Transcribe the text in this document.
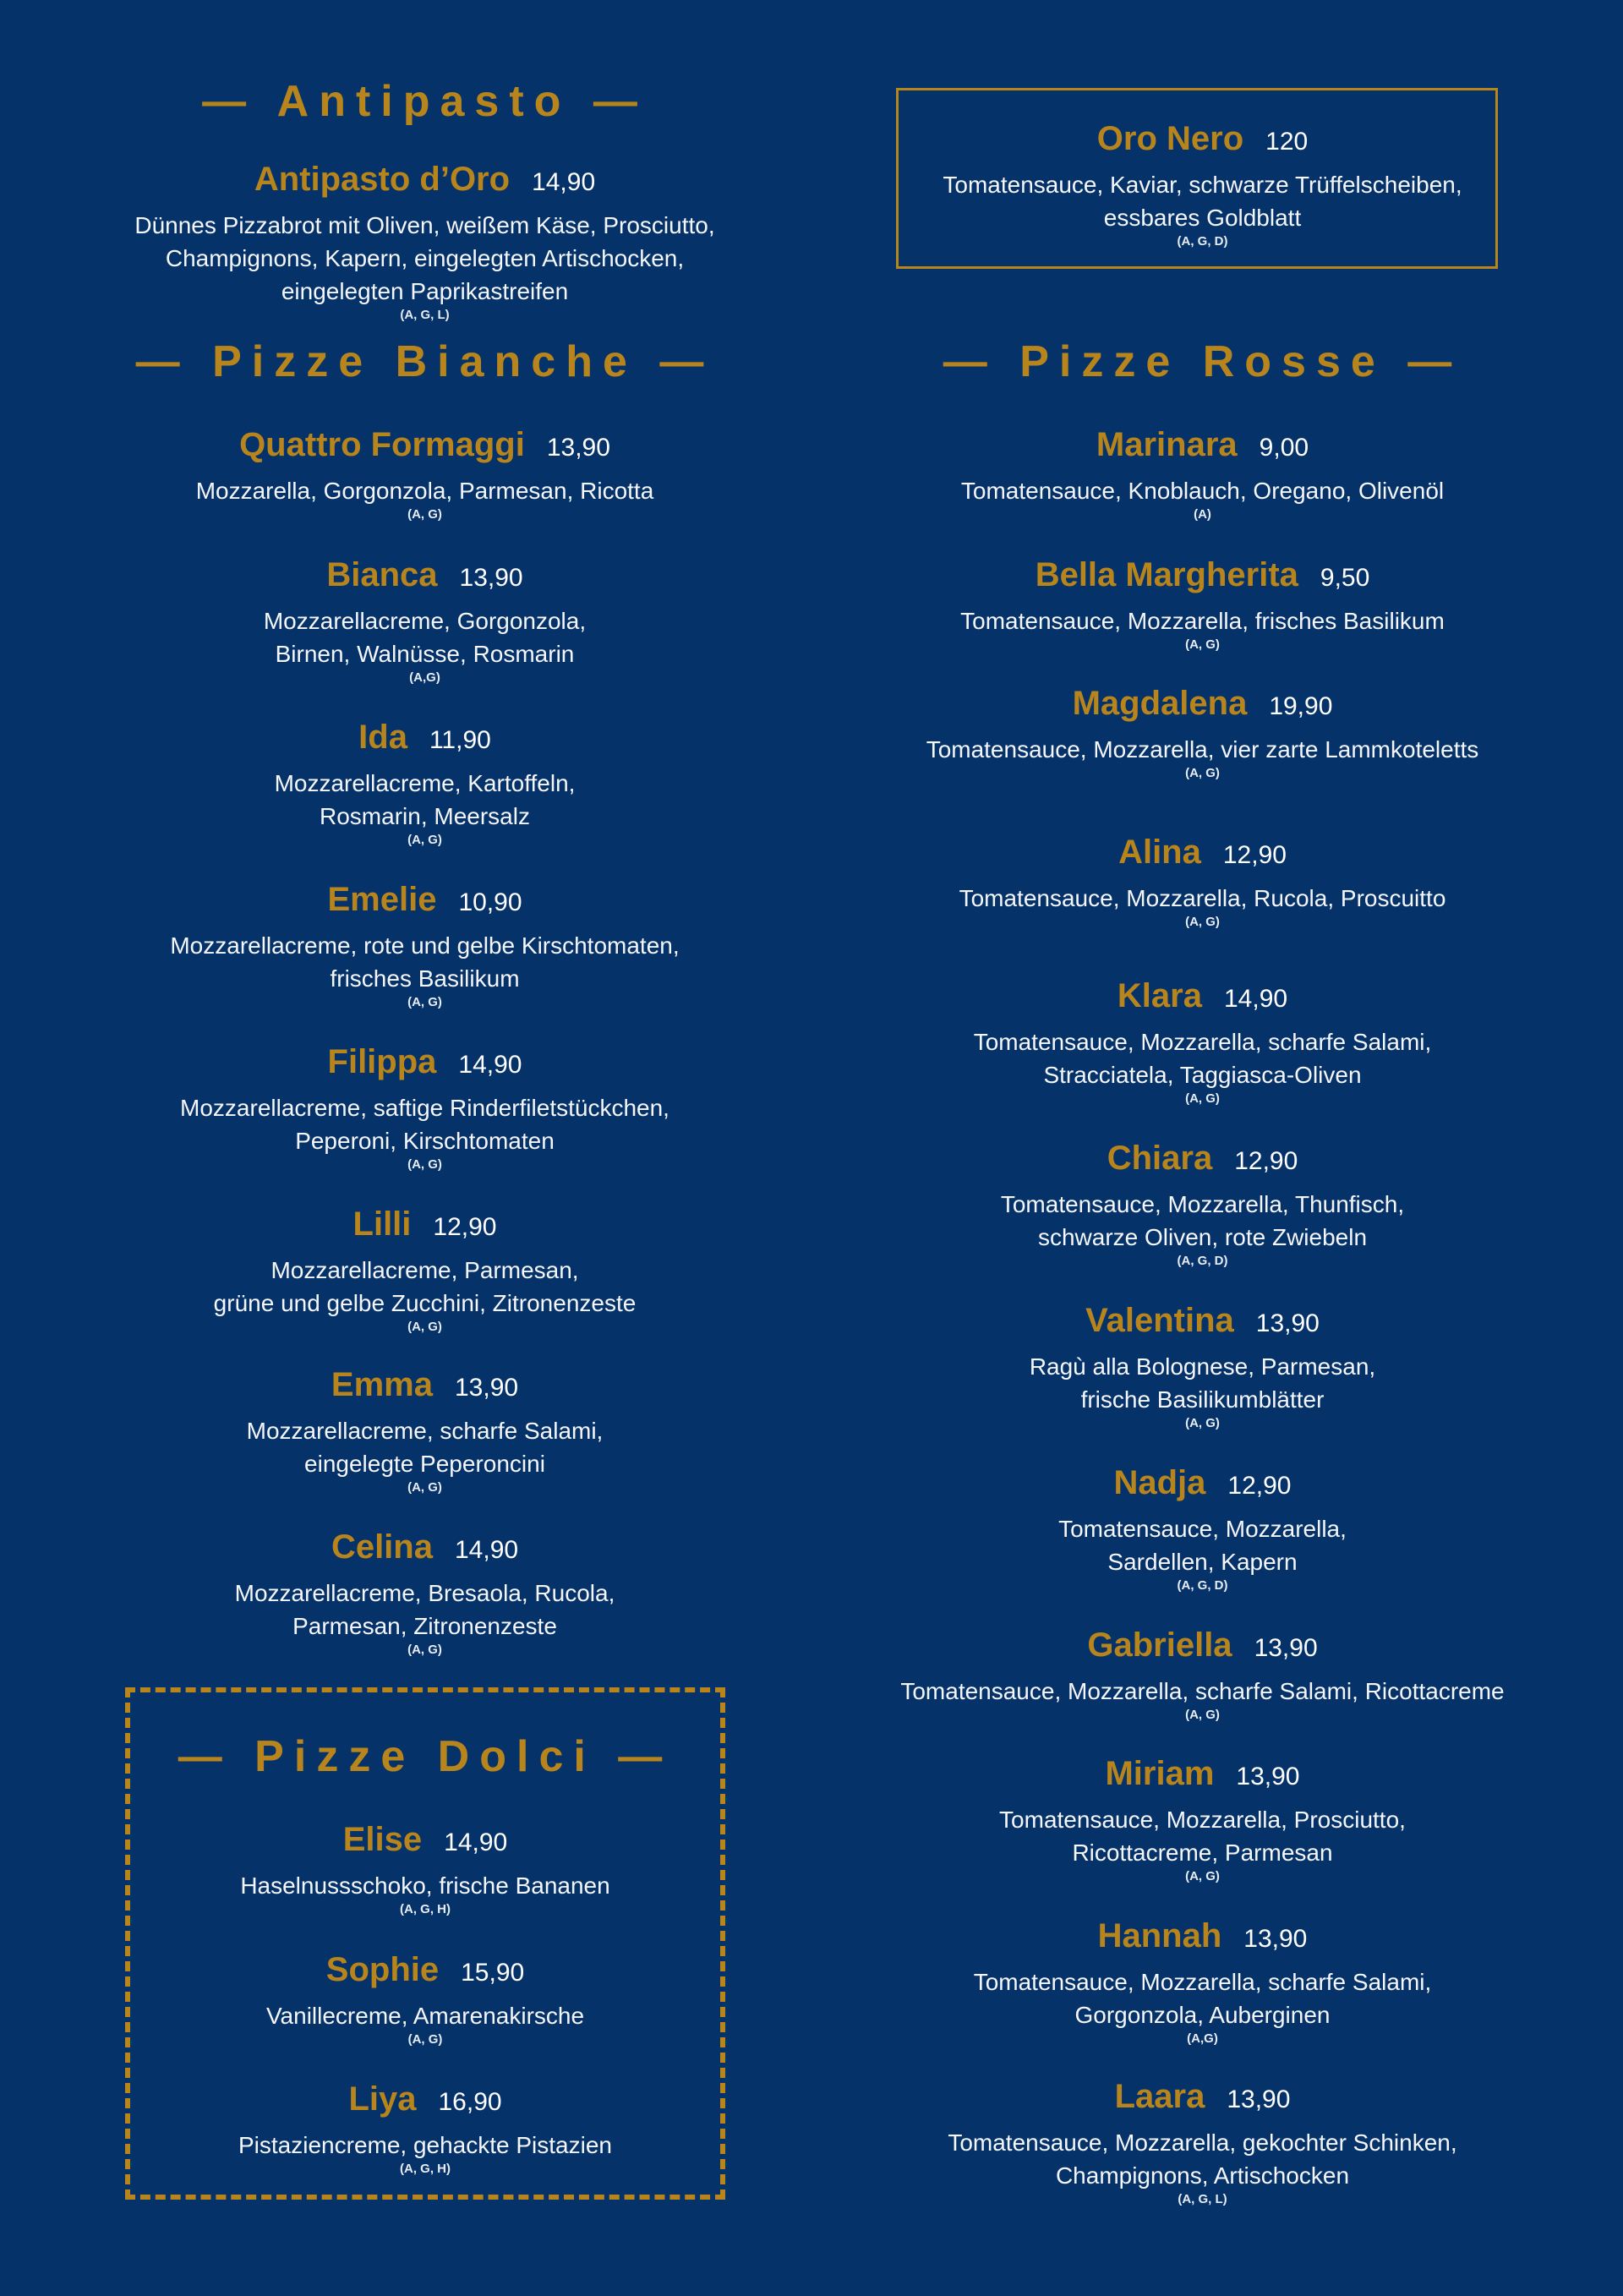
— Antipasto —
Antipasto d’Oro 14,90
Dünnes Pizzabrot mit Oliven, weißem Käse, Prosciutto,
Champignons, Kapern, eingelegten Artischocken,
eingelegten Paprikastreifen
(A, G, L)
— Pizze Bianche —
Quattro Formaggi 13,90
Mozzarella, Gorgonzola, Parmesan, Ricotta
(A, G)
Bianca 13,90
Mozzarellacreme, Gorgonzola,
Birnen, Walnüsse, Rosmarin
(A,G)
Ida 11,90
Mozzarellacreme, Kartoffeln,
Rosmarin, Meersalz
(A, G)
Emelie 10,90
Mozzarellacreme, rote und gelbe Kirschtomaten,
frisches Basilikum
(A, G)
Filippa 14,90
Mozzarellacreme, saftige Rinderfiletstückchen,
Peperoni, Kirschtomaten
(A, G)
Lilli 12,90
Mozzarellacreme, Parmesan,
grüne und gelbe Zucchini, Zitronenzeste
(A, G)
Emma 13,90
Mozzarellacreme, scharfe Salami,
eingelegte Peperoncini
(A, G)
Celina 14,90
Mozzarellacreme, Bresaola, Rucola,
Parmesan, Zitronenzeste
(A, G)
— Pizze Dolci —
Elise 14,90
Haselnussschoko, frische Bananen
(A, G, H)
Sophie 15,90
Vanillecreme, Amarenakirsche
(A, G)
Liya 16,90
Pistaziencreme, gehackte Pistazien
(A, G, H)
Oro Nero 120
Tomatensauce, Kaviar, schwarze Trüffelscheiben,
essbares Goldblatt
(A, G, D)
— Pizze Rosse —
Marinara 9,00
Tomatensauce, Knoblauch, Oregano, Olivenöl
(A)
Bella Margherita 9,50
Tomatensauce, Mozzarella, frisches Basilikum
(A, G)
Magdalena 19,90
Tomatensauce, Mozzarella, vier zarte Lammkoteletts
(A, G)
Alina 12,90
Tomatensauce, Mozzarella, Rucola, Proscuitto
(A, G)
Klara 14,90
Tomatensauce, Mozzarella, scharfe Salami,
Stracciatela, Taggiasca-Oliven
(A, G)
Chiara 12,90
Tomatensauce, Mozzarella, Thunfisch,
schwarze Oliven, rote Zwiebeln
(A, G, D)
Valentina 13,90
Ragù alla Bolognese, Parmesan,
frische Basilikumblätter
(A, G)
Nadja 12,90
Tomatensauce, Mozzarella,
Sardellen, Kapern
(A, G, D)
Gabriella 13,90
Tomatensauce, Mozzarella, scharfe Salami, Ricottacreme
(A, G)
Miriam 13,90
Tomatensauce, Mozzarella, Prosciutto,
Ricottacreme, Parmesan
(A, G)
Hannah 13,90
Tomatensauce, Mozzarella, scharfe Salami,
Gorgonzola, Auberginen
(A,G)
Laara 13,90
Tomatensauce, Mozzarella, gekochter Schinken,
Champignons, Artischocken
(A, G, L)
